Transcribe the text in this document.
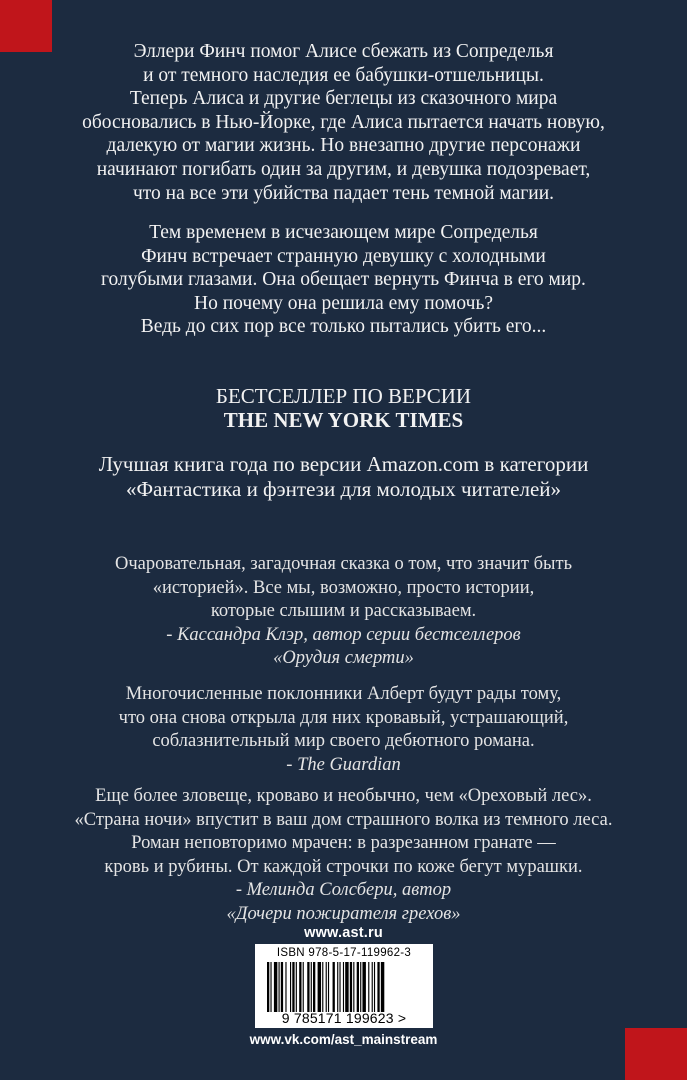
Эллери Финч помог Алисе сбежать из Сопределья
и от темного наследия ее бабушки-отшельницы.
Теперь Алиса и другие беглецы из сказочного мира
обосновались в Нью-Йорке, где Алиса пытается начать новую,
далекую от магии жизнь. Но внезапно другие персонажи
начинают погибать один за другим, и девушка подозревает,
что на все эти убийства падает тень темной магии.
Тем временем в исчезающем мире Сопределья
Финч встречает странную девушку с холодными
голубыми глазами. Она обещает вернуть Финча в его мир.
Но почему она решила ему помочь?
Ведь до сих пор все только пытались убить его...
БЕСТСЕЛЛЕР ПО ВЕРСИИ
THE NEW YORK TIMES
Лучшая книга года по версии Amazon.com в категории
«Фантастика и фэнтези для молодых читателей»
Очаровательная, загадочная сказка о том, что значит быть
«историей». Все мы, возможно, просто истории,
которые слышим и рассказываем.
- Кассандра Клэр, автор серии бестселлеров
«Орудия смерти»
Многочисленные поклонники Алберт будут рады тому,
что она снова открыла для них кровавый, устрашающий,
соблазнительный мир своего дебютного романа.
- The Guardian
Еще более зловеще, кроваво и необычно, чем «Ореховый лес».
«Страна ночи» впустит в ваш дом страшного волка из темного леса.
Роман неповторимо мрачен: в разрезанном гранате —
кровь и рубины. От каждой строчки по коже бегут мурашки.
- Мелинда Солсбери, автор
«Дочери пожирателя грехов»
www.ast.ru
ISBN 978-5-17-119962-3
9 785171 199623 >
www.vk.com/ast_mainstream
